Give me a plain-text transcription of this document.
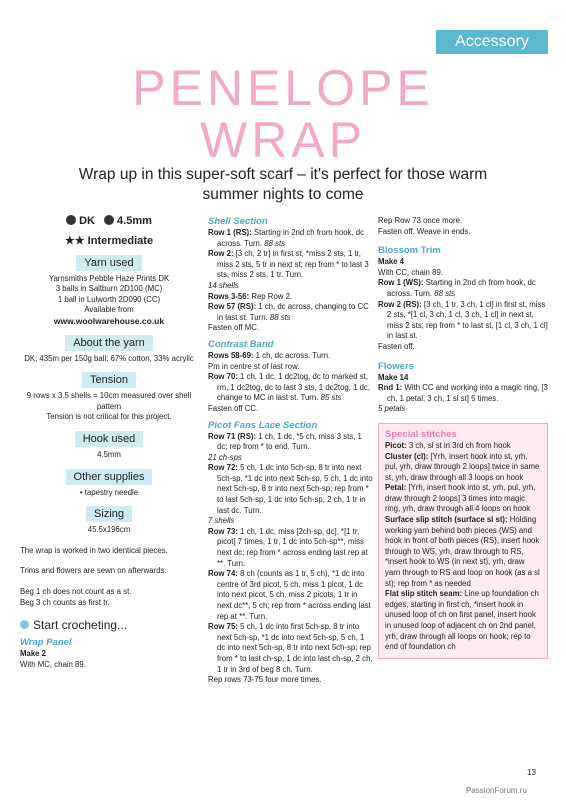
Accessory
PENELOPE
WRAP
Wrap up in this super-soft scarf – it's perfect for those warm summer nights to come
DK 4.5mm
★★ Intermediate
Yarn used
Yarnsmiths Pebble Haze Prints DK
3 balls in Saltburn 2D100 (MC)
1 ball in Lulworth 2D090 (CC)
Available from
www.woolwarehouse.co.uk
About the yarn
DK; 435m per 150g ball; 67% cotton, 33% acrylic
Tension
9 rows x 3.5 shells = 10cm measured over shell pattern
Tension is not critical for this project.
Hook used
4.5mm
Other supplies
• tapestry needle
Sizing
45.5x196cm

The wrap is worked in two identical pieces.

Trims and flowers are sewn on afterwards.

Beg 1 ch does not count as a st.

Beg 3 ch counts as first tr.

Start crocheting...
Wrap Panel

Make 2

With MC, chain 89.

Shell Section

Row 1 (RS): Starting in 2nd ch from hook, dc across. Turn. 88 sts

Row 2: [3 ch, 2 tr] in first st, *miss 2 sts, 1 tr, miss 2 sts, 5 tr in next st; rep from * to last 3 sts, miss 2 sts, 1 tr. Turn.

14 shells

Rows 3-56: Rep Row 2.

Row 57 (RS): 1 ch, dc across, changing to CC in last st. Turn. 88 sts

Fasten off MC.

Contrast Band

Rows 58-69: 1 ch, dc across. Turn.

Pm in centre st of last row.

Row 70: 1 ch, 1 dc, 1 dc2tog, dc to marked st, rm, 1 dc2tog, dc to last 3 sts, 1 dc2tog, 1 dc, change to MC in last st. Turn. 85 sts

Fasten off CC.

Picot Fans Lace Section

Row 71 (RS): 1 ch, 1 dc, *5 ch, miss 3 sts, 1 dc; rep from * to end. Turn.

21 ch-sps

Row 72: 5 ch, 1 dc into 5ch-sp, 8 tr into next 5ch-sp, *1 dc into next 5ch-sp, 5 ch, 1 dc into next 5ch-sp, 8 tr into next 5ch-sp; rep from * to last 5ch-sp, 1 dc into 5ch-sp, 2 ch, 1 tr in last dc. Turn.

7 shells

Row 73: 1 ch, 1 dc, miss [2ch-sp, dc], *[1 tr, picot] 7 times, 1 tr, 1 dc into 5ch-sp**, miss next dc; rep from * across ending last rep at **. Turn.

Row 74: 8 ch (counts as 1 tr, 5 ch), *1 dc into centre of 3rd picot, 5 ch, miss 1 picot, 1 dc into next picot, 5 ch, miss 2 picots, 1 tr in next dc**, 5 ch; rep from * across ending last rep at **. Turn.

Row 75: 5 ch, 1 dc into first 5ch-sp, 8 tr into next 5ch-sp, *1 dc into next 5ch-sp, 5 ch, 1 dc into next 5ch-sp, 8 tr into next 5ch-sp; rep from * to last ch-sp, 1 dc into last ch-sp, 2 ch, 1 tr in 3rd of beg 8 ch. Turn.

Rep rows 73-75 four more times.

Rep Row 73 once more.

Fasten off. Weave in ends.

Blossom Trim

Make 4

With CC, chain 89.

Row 1 (WS): Starting in 2nd ch from hook, dc across. Turn. 88 sts

Row 2 (RS): [3 ch, 1 tr, 3 ch, 1 cl] in first st, miss 2 sts, *[1 cl, 3 ch, 1 cl, 3 ch, 1 cl] in next st, miss 2 sts; rep from * to last st, [1 cl, 3 ch, 1 cl] in last st.

Fasten off.

Flowers

Make 14

Rnd 1: With CC and working into a magic ring, [3 ch, 1 petal, 3 ch, 1 sl st] 5 times.

5 petals

Special stitches

Picot: 3 ch, sl st in 3rd ch from hook

Cluster (cl): [Yrh, insert hook into st, yrh, pul, yrh, draw through 2 loops] twice in same st, yrh, draw through all 3 loops on hook

Petal: [Yrh, insert hook into st, yrh, pul, yrh, draw through 2 loops] 3 times into magic ring, yrh, draw through all 4 loops on hook

Surface slip stitch (surface sl st): Holding working yarn behind both pieces (WS) and hook in front of both pieces (RS), insert hook through to WS, yrh, draw through to RS, *insert hook to WS (in next st), yrh, draw yarn through to RS and loop on hook (as a sl st); rep from * as needed

Flat slip stitch seam: Line up foundation ch edges, starting in first ch, *insert hook in unused loop of ch on first panel, insert hook in unused loop of adjacent ch on 2nd panel, yrh, draw through all loops on hook; rep to end of foundation ch

13
PassionForum.ru
